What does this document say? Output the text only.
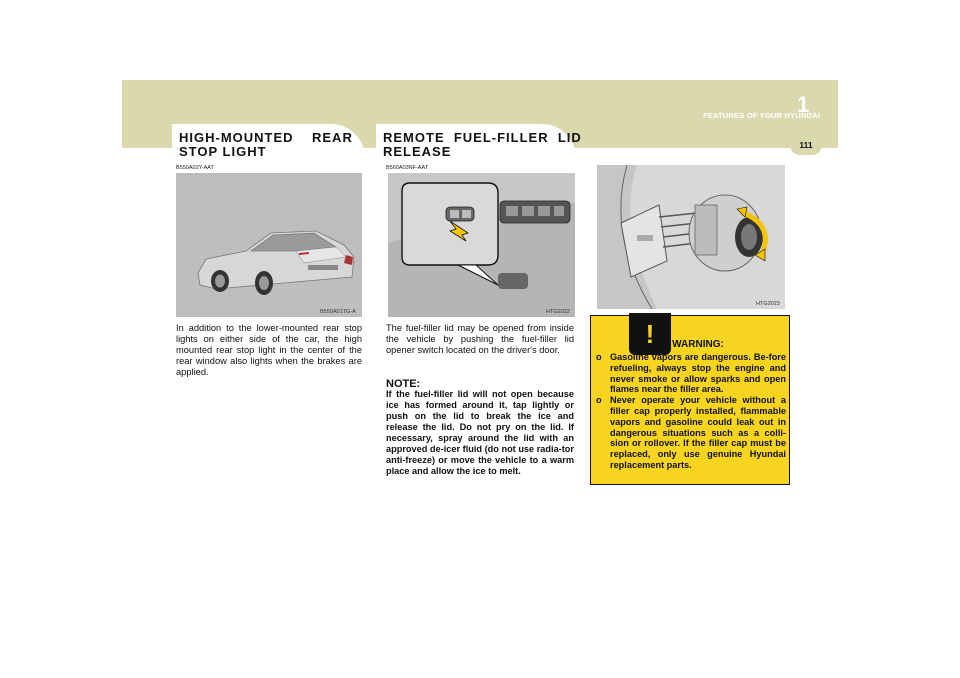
FEATURES OF YOUR HYUNDAI
1
111
HIGH-MOUNTED    REAR
STOP LIGHT
B550A02Y-AAT
B550A01TG-A
In addition to the lower-mounted rear stop lights on either side of the car, the high mounted rear stop light in the center of the rear window also lights when the brakes are applied.
REMOTE  FUEL-FILLER  LID
RELEASE
B560A03NF-AAT
HTG2022
The fuel-filler lid may be opened from inside the vehicle by pushing the fuel-filler lid opener switch located on the driver's door.
NOTE:
If the fuel-filler lid will not open because ice has formed around it, tap lightly or push on the lid to break the ice and release the lid. Do not pry on the lid. If necessary, spray around the lid with an approved de-icer fluid (do not use radia-tor anti-freeze) or move the vehicle to a warm place and allow the ice to melt.
HTG2023
!	WARNING:
o Gasoline vapors are dangerous. Be-fore refueling, always stop the engine and never smoke or allow sparks and open flames near the filler area.
o Never operate your vehicle without a filler cap properly installed, flammable vapors and gasoline could leak out in dangerous situations such as a colli-sion or rollover. If the filler cap must be replaced, only use genuine Hyundai replacement parts.
